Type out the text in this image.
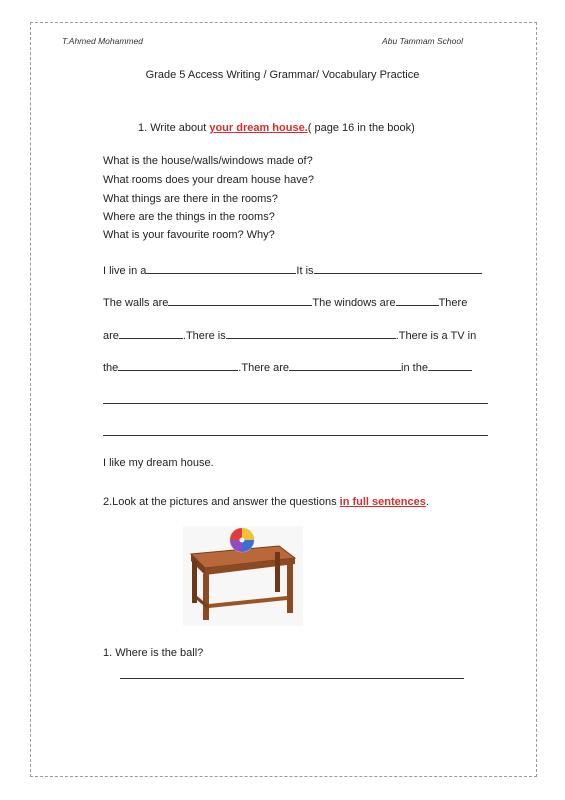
T.Ahmed Mohammed	Abu Tammam School
Grade 5 Access Writing / Grammar/ Vocabulary Practice
1. Write about your dream house.( page 16 in the book)
What is the house/walls/windows made of?
What rooms does your dream house have?
What things are there in the rooms?
Where are the things in the rooms?
What is your favourite room? Why?
I live in a	It is
The walls are	The windows are	There
are	.There is	.There is a TV in
the	.There are	in the
I like my dream house.
2.Look at the pictures and answer the questions in full sentences.
1. Where is the ball?
